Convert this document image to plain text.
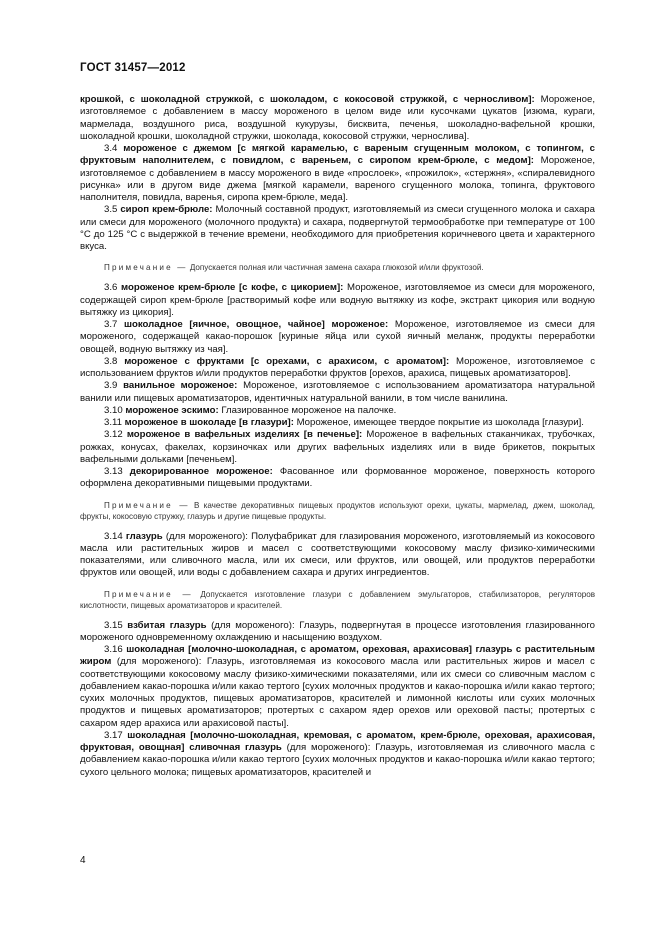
ГОСТ 31457—2012

крошкой, с шоколадной стружкой, с шоколадом, с кокосовой стружкой, с черносливом]: Мороженое, изготовляемое с добавлением в массу мороженого в целом виде или кусочками цукатов [изюма, кураги, мармелада, воздушного риса, воздушной кукурузы, бисквита, печенья, шоколадно-вафельной крошки, шоколадной крошки, шоколадной стружки, шоколада, кокосовой стружки, чернослива].

3.4 мороженое с джемом [с мягкой карамелью, с вареным сгущенным молоком, с топингом, с фруктовым наполнителем, с повидлом, с вареньем, с сиропом крем-брюле, с медом]: Мороженое, изготовляемое с добавлением в массу мороженого в виде «прослоек», «прожилок», «стержня», «спиралевидного рисунка» или в другом виде джема [мягкой карамели, вареного сгущенного молока, топинга, фруктового наполнителя, повидла, варенья, сиропа крем-брюле, меда].

3.5 сироп крем-брюле: Молочный составной продукт, изготовляемый из смеси сгущенного молока и сахара или смеси для мороженого (молочного продукта) и сахара, подвергнутой термообработке при температуре от 100 °С до 125 °С с выдержкой в течение времени, необходимого для приобретения коричневого цвета и характерного вкуса.

Примечание — Допускается полная или частичная замена сахара глюкозой и/или фруктозой.

3.6 мороженое крем-брюле [с кофе, с цикорием]: Мороженое, изготовляемое из смеси для мороженого, содержащей сироп крем-брюле [растворимый кофе или водную вытяжку из кофе, экстракт цикория или водную вытяжку из цикория].

3.7 шоколадное [яичное, овощное, чайное] мороженое: Мороженое, изготовляемое из смеси для мороженого, содержащей какао-порошок [куриные яйца или сухой яичный меланж, продукты переработки овощей, водную вытяжку из чая].

3.8 мороженое с фруктами [с орехами, с арахисом, с ароматом]: Мороженое, изготовляемое с использованием фруктов и/или продуктов переработки фруктов [орехов, арахиса, пищевых ароматизаторов].

3.9 ванильное мороженое: Мороженое, изготовляемое с использованием ароматизатора натуральной ванили или пищевых ароматизаторов, идентичных натуральной ванили, в том числе ванилина.

3.10 мороженое эскимо: Глазированное мороженое на палочке.

3.11 мороженое в шоколаде [в глазури]: Мороженое, имеющее твердое покрытие из шоколада [глазури].

3.12 мороженое в вафельных изделиях [в печенье]: Мороженое в вафельных стаканчиках, трубочках, рожках, конусах, факелах, корзиночках или других вафельных изделиях или в виде брикетов, покрытых вафельными дольками [печеньем].

3.13 декорированное мороженое: Фасованное или формованное мороженое, поверхность которого оформлена декоративными пищевыми продуктами.

Примечание — В качестве декоративных пищевых продуктов используют орехи, цукаты, мармелад, джем, шоколад, фрукты, кокосовую стружку, глазурь и другие пищевые продукты.

3.14 глазурь (для мороженого): Полуфабрикат для глазирования мороженого, изготовляемый из кокосового масла или растительных жиров и масел с соответствующими кокосовому маслу физико-химическими показателями, или сливочного масла, или их смеси, или фруктов, или овощей, или продуктов переработки фруктов или овощей, или воды с добавлением сахара и других ингредиентов.

Примечание — Допускается изготовление глазури с добавлением эмульгаторов, стабилизаторов, регуляторов кислотности, пищевых ароматизаторов и красителей.

3.15 взбитая глазурь (для мороженого): Глазурь, подвергнутая в процессе изготовления глазированного мороженого одновременному охлаждению и насыщению воздухом.

3.16 шоколадная [молочно-шоколадная, с ароматом, ореховая, арахисовая] глазурь с растительным жиром (для мороженого): Глазурь, изготовляемая из кокосового масла или растительных жиров и масел с соответствующими кокосовому маслу физико-химическими показателями, или их смеси со сливочным маслом с добавлением какао-порошка и/или какао тертого [сухих молочных продуктов и какао-порошка и/или какао тертого; сухих молочных продуктов, пищевых ароматизаторов, красителей и лимонной кислоты или сухих молочных продуктов и пищевых ароматизаторов; протертых с сахаром ядер орехов или ореховой пасты; протертых с сахаром ядер арахиса или арахисовой пасты].

3.17 шоколадная [молочно-шоколадная, кремовая, с ароматом, крем-брюле, ореховая, арахисовая, фруктовая, овощная] сливочная глазурь (для мороженого): Глазурь, изготовляемая из сливочного масла с добавлением какао-порошка и/или какао тертого [сухих молочных продуктов и какао-порошка и/или какао тертого; сухого цельного молока; пищевых ароматизаторов, красителей и

4
